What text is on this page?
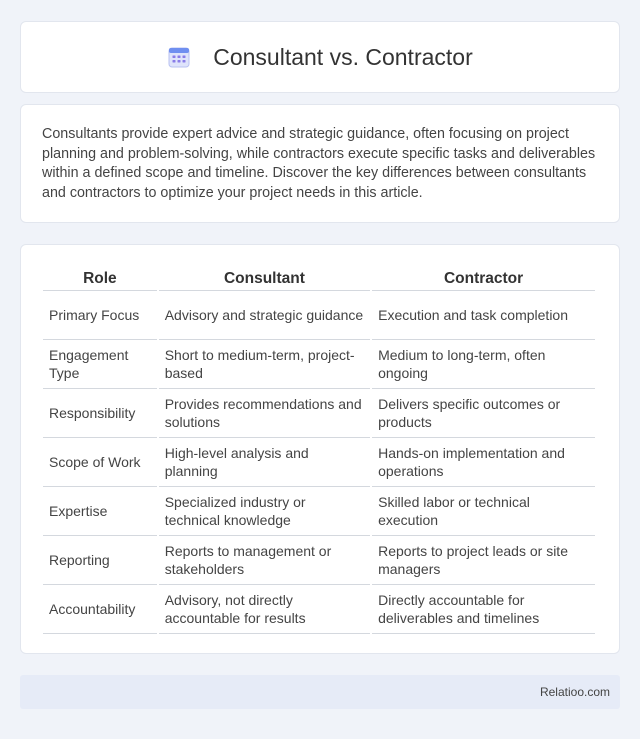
Consultant vs. Contractor

Consultants provide expert advice and strategic guidance, often focusing on project planning and problem-solving, while contractors execute specific tasks and deliverables within a defined scope and timeline. Discover the key differences between consultants and contractors to optimize your project needs in this article.

Role	Consultant	Contractor
Primary Focus	Advisory and strategic guidance	Execution and task completion
Engagement Type	Short to medium-term, project-based	Medium to long-term, often ongoing
Responsibility	Provides recommendations and solutions	Delivers specific outcomes or products
Scope of Work	High-level analysis and planning	Hands-on implementation and operations
Expertise	Specialized industry or technical knowledge	Skilled labor or technical execution
Reporting	Reports to management or stakeholders	Reports to project leads or site managers
Accountability	Advisory, not directly accountable for results	Directly accountable for deliverables and timelines
Relatioo.com
